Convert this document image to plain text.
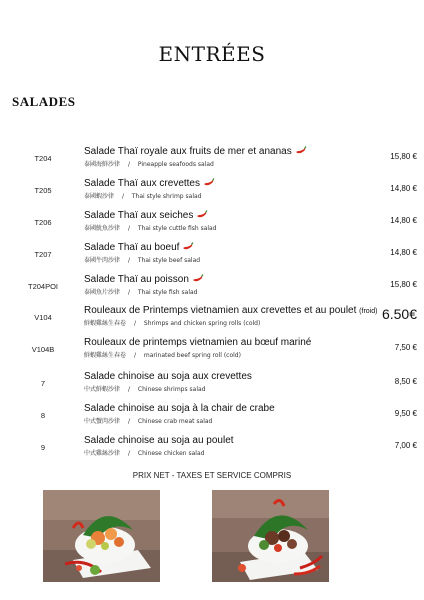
ENTRÉES
SALADES
T204
Salade Thaï royale aux fruits de mer et ananas
泰國海鮮沙律 / Pineapple seafoods salad
15,80 €
T205
Salade Thaï aux crevettes
泰國蝦沙律 / Thai style shrimp salad
14,80 €
T206
Salade Thaï aux seiches
泰國魷魚沙律 / Thai style cuttle fish salad
14,80 €
T207
Salade Thaï au boeuf
泰國牛肉沙律 / Thai style beef salad
14,80 €
T204POI
Salade Thaï au poisson
泰國魚片沙律 / Thai style fish salad
15,80 €
V104
Rouleaux de Printemps vietnamien aux crevettes et au poulet (froid)
鮮蝦雞絲生春卷 / Shrimps and chicken spring rolls (cold)
6.50€
V104B
Rouleaux de printemps vietnamien au bœuf mariné
鮮蝦雞絲生春卷 / marinated beef spring roll (cold)
7,50 €
7
Salade chinoise au soja aux crevettes
中式鮮蝦沙律 / Chinese shrimps salad
8,50 €
8
Salade chinoise au soja à la chair de crabe
中式蟹肉沙律 / Chinese crab meat salad
9,50 €
9
Salade chinoise au soja au poulet
中式雞絲沙律 / Chinese chicken salad
7,00 €
PRIX NET - TAXES ET SERVICE COMPRIS
